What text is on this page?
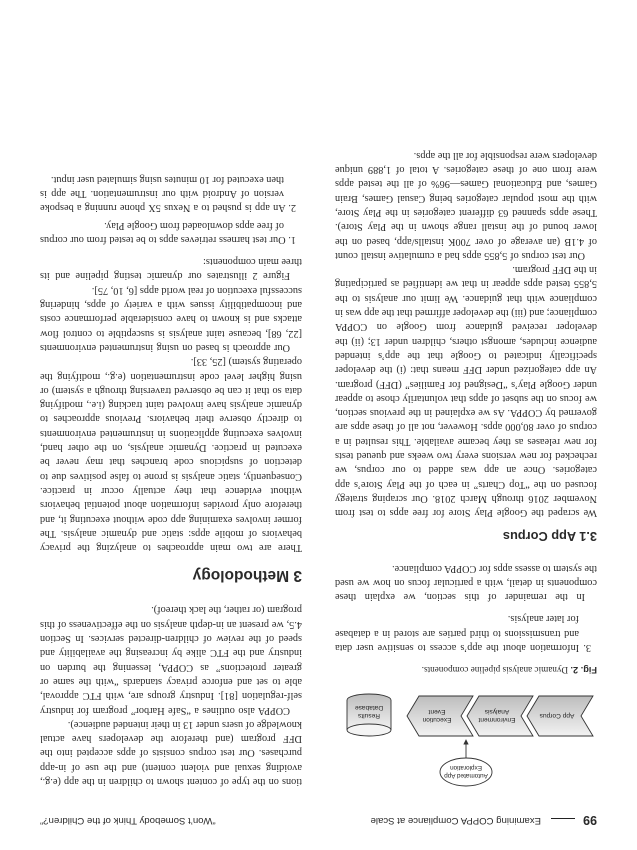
99
Examining COPPA Compliance at Scale
“Won’t Somebody Think of the Children?”
Automated App
Exploration
App Corpus
Environment
Analysis
Execution
Event
Results
Database
Fig. 2. Dynamic analysis pipeline components.

3. Information about the app’s access to sensitive user data and transmissions to third parties are stored in a database for later analysis.

In the remainder of this section, we explain these components in detail, with a particular focus on how we used the system to assess apps for COPPA compliance.

3.1 App Corpus

We scraped the Google Play Store for free apps to test from November 2016 through March 2018. Our scraping strategy focused on the “Top Charts” in each of the Play Store’s app categories. Once an app was added to our corpus, we rechecked for new versions every two weeks and queued tests for new releases as they became available. This resulted in a corpus of over 80,000 apps. However, not all of these apps are governed by COPPA. As we explained in the previous section, we focus on the subset of apps that voluntarily chose to appear under Google Play’s “Designed for Families” (DFF) program. An app categorized under DFF means that: (i) the developer specifically indicated to Google that the app’s intended audience includes, amongst others, children under 13; (ii) the developer received guidance from Google on COPPA compliance; and (iii) the developer affirmed that the app was in compliance with that guidance. We limit our analysis to the 5,855 tested apps appear in that we identified as participating in the DFF program.

Our test corpus of 5,855 apps had a cumulative install count of 4.1B (an average of over 700K installs/app, based on the lower bound of the install range shown in the Play Store). These apps spanned 63 different categories in the Play Store, with the most popular categories being Casual Games, Brain Games, and Educational Games—96% of all the tested apps were from one of these categories. A total of 1,889 unique developers were responsible for all the apps.

tions on the type of content shown to children in the app (e.g., avoiding sexual and violent content) and the use of in-app purchases. Our test corpus consists of apps accepted into the DFF program (and therefore the developers have actual knowledge of users under 13 in their intended audience).

COPPA also outlines a “Safe Harbor” program for industry self-regulation [81]. Industry groups are, with FTC approval, able to set and enforce privacy standards “with the same or greater protections” as COPPA, lessening the burden on industry and the FTC alike by increasing the availability and speed of the review of children-directed services. In Section 4.5, we present an in-depth analysis on the effectiveness of this program (or rather, the lack thereof).

3 Methodology

There are two main approaches to analyzing the privacy behaviors of mobile apps: static and dynamic analysis. The former involves examining app code without executing it, and therefore only provides information about potential behaviors without evidence that they actually occur in practice. Consequently, static analysis is prone to false positives due to detection of suspicious code branches that may never be executed in practice. Dynamic analysis, on the other hand, involves executing applications in instrumented environments to directly observe their behaviors. Previous approaches to dynamic analysis have involved taint tracking (i.e., modifying data so that it can be observed traversing through a system) or using higher level code instrumentation (e.g., modifying the operating system) [25, 33].

Our approach is based on using instrumented environments [22, 68], because taint analysis is susceptible to control flow attacks and is known to have considerable performance costs and incompatibility issues with a variety of apps, hindering successful execution of real world apps [6, 10, 75].

Figure 2 illustrates our dynamic testing pipeline and its three main components:

1. Our test harness retrieves apps to be tested from our corpus of free apps downloaded from Google Play.

2. An app is pushed to a Nexus 5X phone running a bespoke version of Android with our instrumentation. The app is then executed for 10 minutes using simulated user input.
